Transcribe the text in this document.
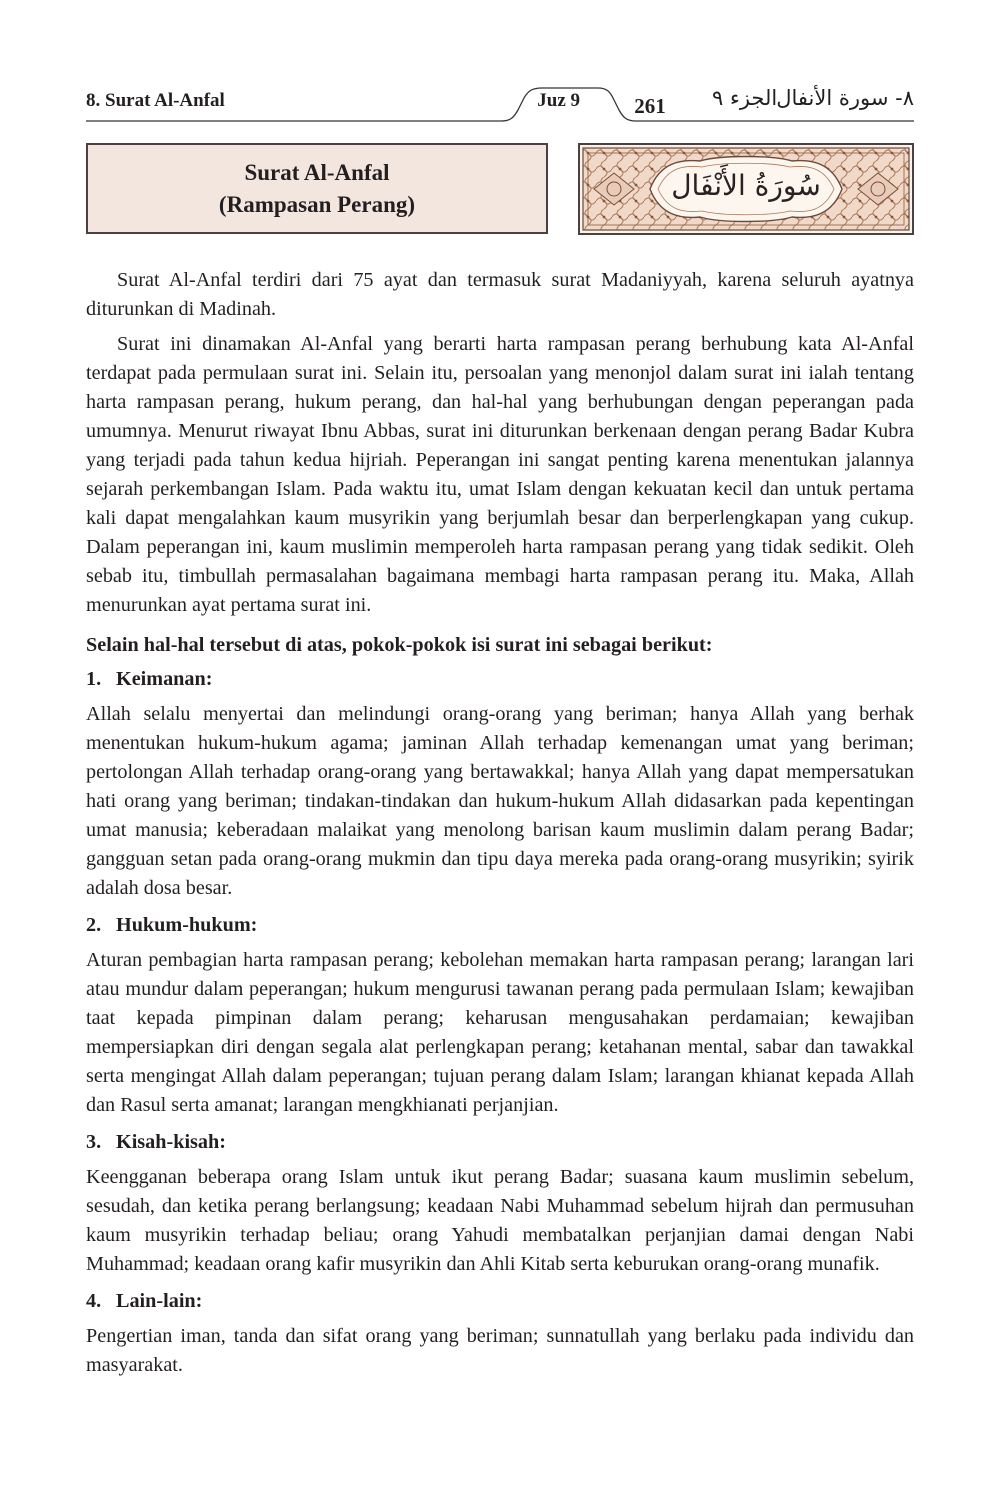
8. Surat Al-Anfal	Juz 9	261	الجزء ٩ ٨- سورة الأنفال
Surat Al-Anfal
(Rampasan Perang)
سُورَةُ الأَنْفَال

Surat Al-Anfal terdiri dari 75 ayat dan termasuk surat Madaniyyah, karena seluruh ayatnya diturunkan di Madinah.

Surat ini dinamakan Al-Anfal yang berarti harta rampasan perang berhubung kata Al-Anfal terdapat pada permulaan surat ini. Selain itu, persoalan yang menonjol dalam surat ini ialah tentang harta rampasan perang, hukum perang, dan hal-hal yang berhubungan dengan peperangan pada umumnya. Menurut riwayat Ibnu Abbas, surat ini diturunkan berkenaan dengan perang Badar Kubra yang terjadi pada tahun kedua hijriah. Peperangan ini sangat penting karena menentukan jalannya sejarah perkembangan Islam. Pada waktu itu, umat Islam dengan kekuatan kecil dan untuk pertama kali dapat mengalahkan kaum musyrikin yang berjumlah besar dan berperlengkapan yang cukup. Dalam peperangan ini, kaum muslimin memperoleh harta rampasan perang yang tidak sedikit. Oleh sebab itu, timbullah permasalahan bagaimana membagi harta rampasan perang itu. Maka, Allah menurunkan ayat pertama surat ini.

Selain hal-hal tersebut di atas, pokok-pokok isi surat ini sebagai berikut:

1. Keimanan:

Allah selalu menyertai dan melindungi orang-orang yang beriman; hanya Allah yang berhak menentukan hukum-hukum agama; jaminan Allah terhadap kemenangan umat yang beriman; pertolongan Allah terhadap orang-orang yang bertawakkal; hanya Allah yang dapat mempersatukan hati orang yang beriman; tindakan-tindakan dan hukum-hukum Allah didasarkan pada kepentingan umat manusia; keberadaan malaikat yang menolong barisan kaum muslimin dalam perang Badar; gangguan setan pada orang-orang mukmin dan tipu daya mereka pada orang-orang musyrikin; syirik adalah dosa besar.

2. Hukum-hukum:

Aturan pembagian harta rampasan perang; kebolehan memakan harta rampasan perang; larangan lari atau mundur dalam peperangan; hukum mengurusi tawanan perang pada permulaan Islam; kewajiban taat kepada pimpinan dalam perang; keharusan mengusahakan perdamaian; kewajiban mempersiapkan diri dengan segala alat perlengkapan perang; ketahanan mental, sabar dan tawakkal serta mengingat Allah dalam peperangan; tujuan perang dalam Islam; larangan khianat kepada Allah dan Rasul serta amanat; larangan mengkhianati perjanjian.

3. Kisah-kisah:

Keengganan beberapa orang Islam untuk ikut perang Badar; suasana kaum muslimin sebelum, sesudah, dan ketika perang berlangsung; keadaan Nabi Muhammad sebelum hijrah dan permusuhan kaum musyrikin terhadap beliau; orang Yahudi membatalkan perjanjian damai dengan Nabi Muhammad; keadaan orang kafir musyrikin dan Ahli Kitab serta keburukan orang-orang munafik.

4. Lain-lain:

Pengertian iman, tanda dan sifat orang yang beriman; sunnatullah yang berlaku pada individu dan masyarakat.
